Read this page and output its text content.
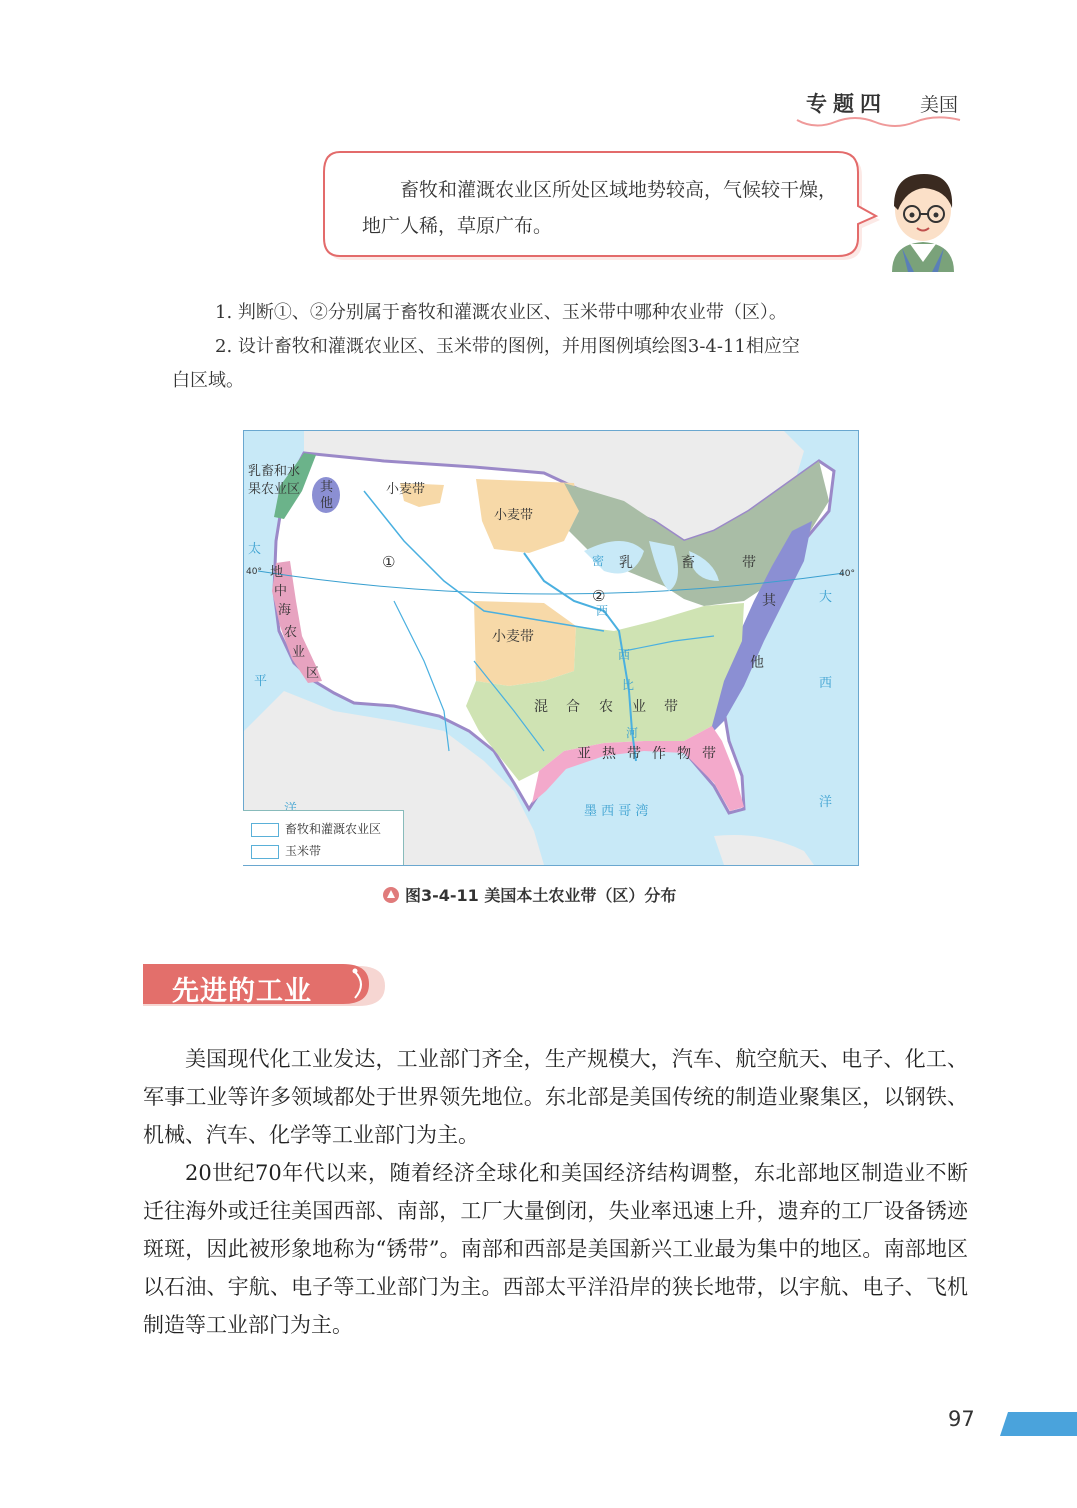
专题四 美国
畜牧和灌溉农业区所处区域地势较高，气候较干燥，地广人稀，草原广布。
1. 判断①、②分别属于畜牧和灌溉农业区、玉米带中哪种农业带（区）。
2. 设计畜牧和灌溉农业区、玉米带的图例，并用图例填绘图3-4-11相应空
白区域。
乳畜和水
果农业区 其
他
小麦带
小麦带
小麦带
①
②
乳	畜	带
地
中
海
农
业
区
混 合 农 业 带
亚 热 带 作 物 带
其
他
太
平
大
西
洋
墨 西 哥 湾
密
西
西
比
河
40°	40°
畜牧和灌溉农业区
玉米带
图3-4-11 美国本土农业带（区）分布
先进的工业
美国现代化工业发达，工业部门齐全，生产规模大，汽车、航空航天、电子、化工、军事工业等许多领域都处于世界领先地位。东北部是美国传统的制造业聚集区，以钢铁、机械、汽车、化学等工业部门为主。
20世纪70年代以来，随着经济全球化和美国经济结构调整，东北部地区制造业不断迁往海外或迁往美国西部、南部，工厂大量倒闭，失业率迅速上升，遗弃的工厂设备锈迹斑斑，因此被形象地称为“锈带”。南部和西部是美国新兴工业最为集中的地区。南部地区以石油、宇航、电子等工业部门为主。西部太平洋沿岸的狭长地带，以宇航、电子、飞机制造等工业部门为主。
97
